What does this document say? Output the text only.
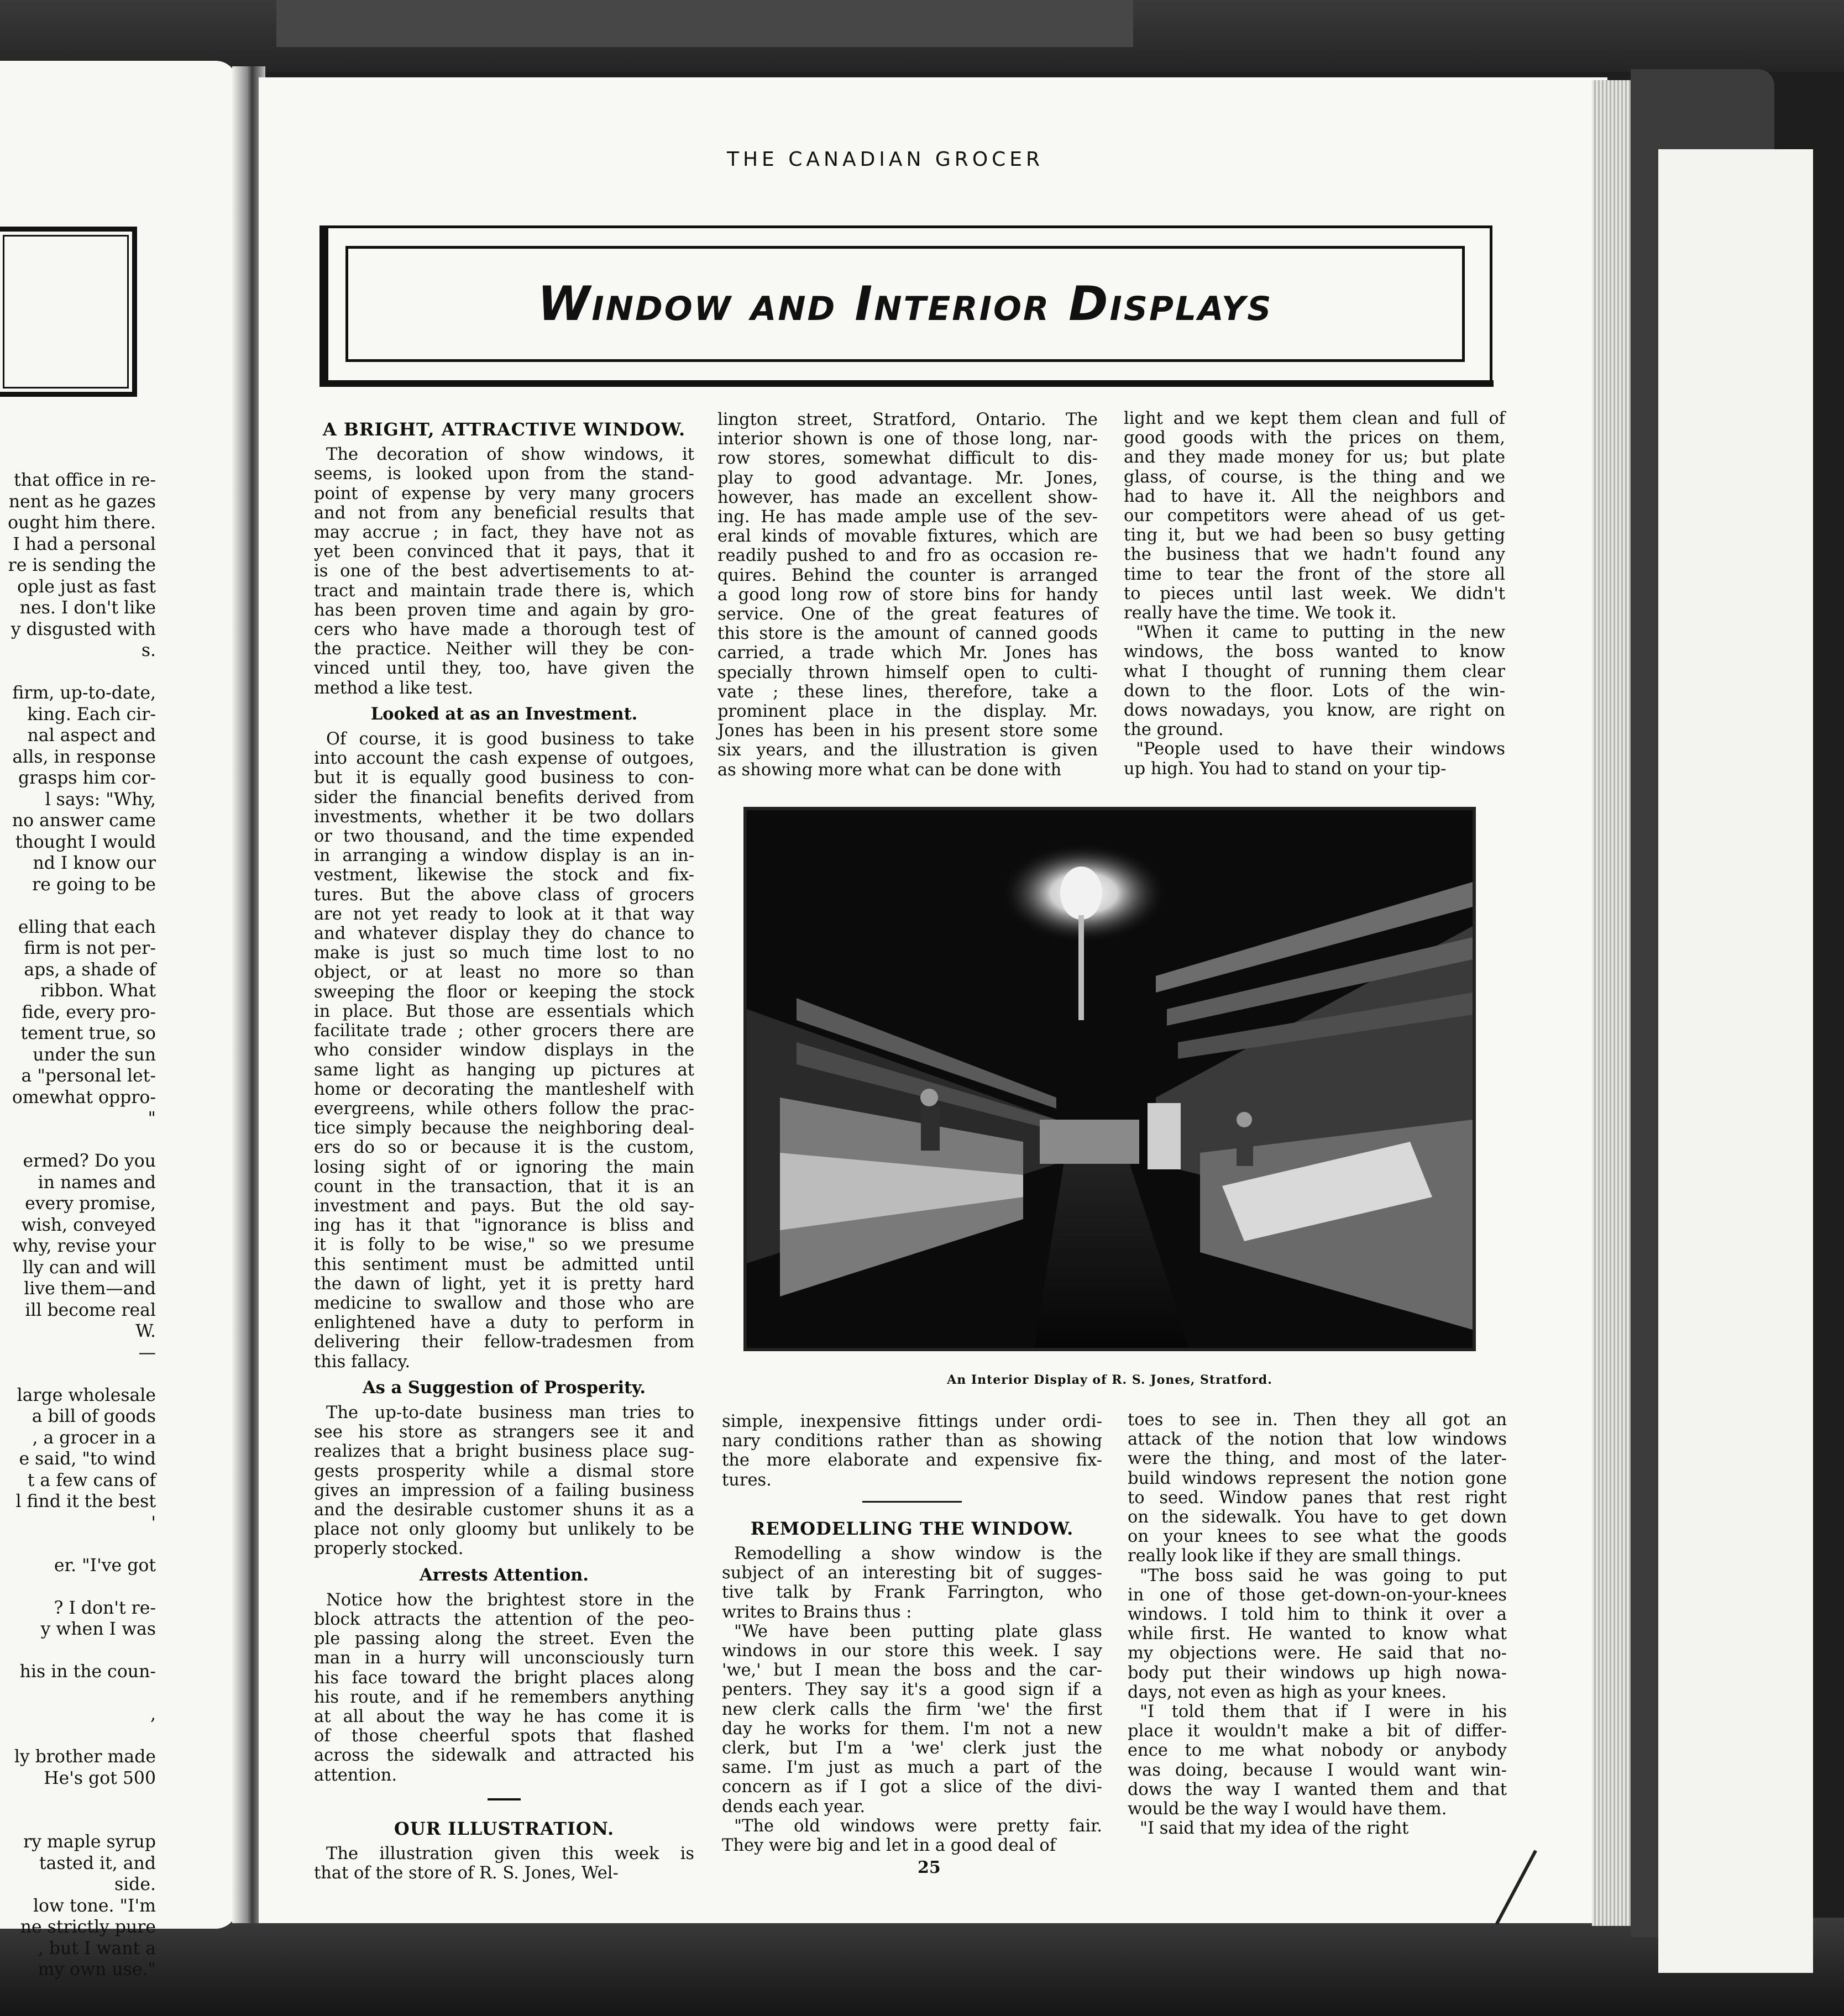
that office in re-
nent as he gazes
ought him there.
I had a personal
re is sending the
ople just as fast
nes. I don't like
y disgusted with
s.

firm, up-to-date,
king. Each cir-
nal aspect and
alls, in response
grasps him cor-
l says: "Why,
no answer came
thought I would
nd I know our
re going to be

elling that each
firm is not per-
aps, a shade of
ribbon. What
fide, every pro-
tement true, so
under the sun
a "personal let-
omewhat oppro-
"

ermed? Do you
in names and
every promise,
wish, conveyed
why, revise your
lly can and will
live them—and
ill become real
W.
—

large wholesale
a bill of goods
, a grocer in a
e said, "to wind
t a few cans of
l find it the best
'

er. "I've got

? I don't re-
y when I was

his in the coun-

,

ly brother made
He's got 500

ry maple syrup
tasted it, and
side.
low tone. "I'm
ne strictly pure
, but I want a
my own use."
THE CANADIAN GROCER
Window and Interior Displays
A BRIGHT, ATTRACTIVE WINDOW.
The decoration of show windows, it
seems, is looked upon from the stand-
point of expense by very many grocers
and not from any beneficial results that
may accrue ; in fact, they have not as
yet been convinced that it pays, that it
is one of the best advertisements to at-
tract and maintain trade there is, which
has been proven time and again by gro-
cers who have made a thorough test of
the practice. Neither will they be con-
vinced until they, too, have given the
method a like test.
Looked at as an Investment.
Of course, it is good business to take
into account the cash expense of outgoes,
but it is equally good business to con-
sider the financial benefits derived from
investments, whether it be two dollars
or two thousand, and the time expended
in arranging a window display is an in-
vestment, likewise the stock and fix-
tures. But the above class of grocers
are not yet ready to look at it that way
and whatever display they do chance to
make is just so much time lost to no
object, or at least no more so than
sweeping the floor or keeping the stock
in place. But those are essentials which
facilitate trade ; other grocers there are
who consider window displays in the
same light as hanging up pictures at
home or decorating the mantleshelf with
evergreens, while others follow the prac-
tice simply because the neighboring deal-
ers do so or because it is the custom,
losing sight of or ignoring the main
count in the transaction, that it is an
investment and pays. But the old say-
ing has it that "ignorance is bliss and
it is folly to be wise," so we presume
this sentiment must be admitted until
the dawn of light, yet it is pretty hard
medicine to swallow and those who are
enlightened have a duty to perform in
delivering their fellow-tradesmen from
this fallacy.
As a Suggestion of Prosperity.
The up-to-date business man tries to
see his store as strangers see it and
realizes that a bright business place sug-
gests prosperity while a dismal store
gives an impression of a failing business
and the desirable customer shuns it as a
place not only gloomy but unlikely to be
properly stocked.
Arrests Attention.
Notice how the brightest store in the
block attracts the attention of the peo-
ple passing along the street. Even the
man in a hurry will unconsciously turn
his face toward the bright places along
his route, and if he remembers anything
at all about the way he has come it is
of those cheerful spots that flashed
across the sidewalk and attracted his
attention.
OUR ILLUSTRATION.
The illustration given this week is
that of the store of R. S. Jones, Wel-
lington street, Stratford, Ontario. The
interior shown is one of those long, nar-
row stores, somewhat difficult to dis-
play to good advantage. Mr. Jones,
however, has made an excellent show-
ing. He has made ample use of the sev-
eral kinds of movable fixtures, which are
readily pushed to and fro as occasion re-
quires. Behind the counter is arranged
a good long row of store bins for handy
service. One of the great features of
this store is the amount of canned goods
carried, a trade which Mr. Jones has
specially thrown himself open to culti-
vate ; these lines, therefore, take a
prominent place in the display. Mr.
Jones has been in his present store some
six years, and the illustration is given
as showing more what can be done with
light and we kept them clean and full of
good goods with the prices on them,
and they made money for us; but plate
glass, of course, is the thing and we
had to have it. All the neighbors and
our competitors were ahead of us get-
ting it, but we had been so busy getting
the business that we hadn't found any
time to tear the front of the store all
to pieces until last week. We didn't
really have the time. We took it.
"When it came to putting in the new
windows, the boss wanted to know
what I thought of running them clear
down to the floor. Lots of the win-
dows nowadays, you know, are right on
the ground.
"People used to have their windows
up high. You had to stand on your tip-
simple, inexpensive fittings under ordi-
nary conditions rather than as showing
the more elaborate and expensive fix-
tures.
REMODELLING THE WINDOW.
Remodelling a show window is the
subject of an interesting bit of sugges-
tive talk by Frank Farrington, who
writes to Brains thus :
"We have been putting plate glass
windows in our store this week. I say
'we,' but I mean the boss and the car-
penters. They say it's a good sign if a
new clerk calls the firm 'we' the first
day he works for them. I'm not a new
clerk, but I'm a 'we' clerk just the
same. I'm just as much a part of the
concern as if I got a slice of the divi-
dends each year.
"The old windows were pretty fair.
They were big and let in a good deal of
toes to see in. Then they all got an
attack of the notion that low windows
were the thing, and most of the later-
build windows represent the notion gone
to seed. Window panes that rest right
on the sidewalk. You have to get down
on your knees to see what the goods
really look like if they are small things.
"The boss said he was going to put
in one of those get-down-on-your-knees
windows. I told him to think it over a
while first. He wanted to know what
my objections were. He said that no-
body put their windows up high nowa-
days, not even as high as your knees.
"I told them that if I were in his
place it wouldn't make a bit of differ-
ence to me what nobody or anybody
was doing, because I would want win-
dows the way I wanted them and that
would be the way I would have them.
"I said that my idea of the right
An Interior Display of R. S. Jones, Stratford.
25
